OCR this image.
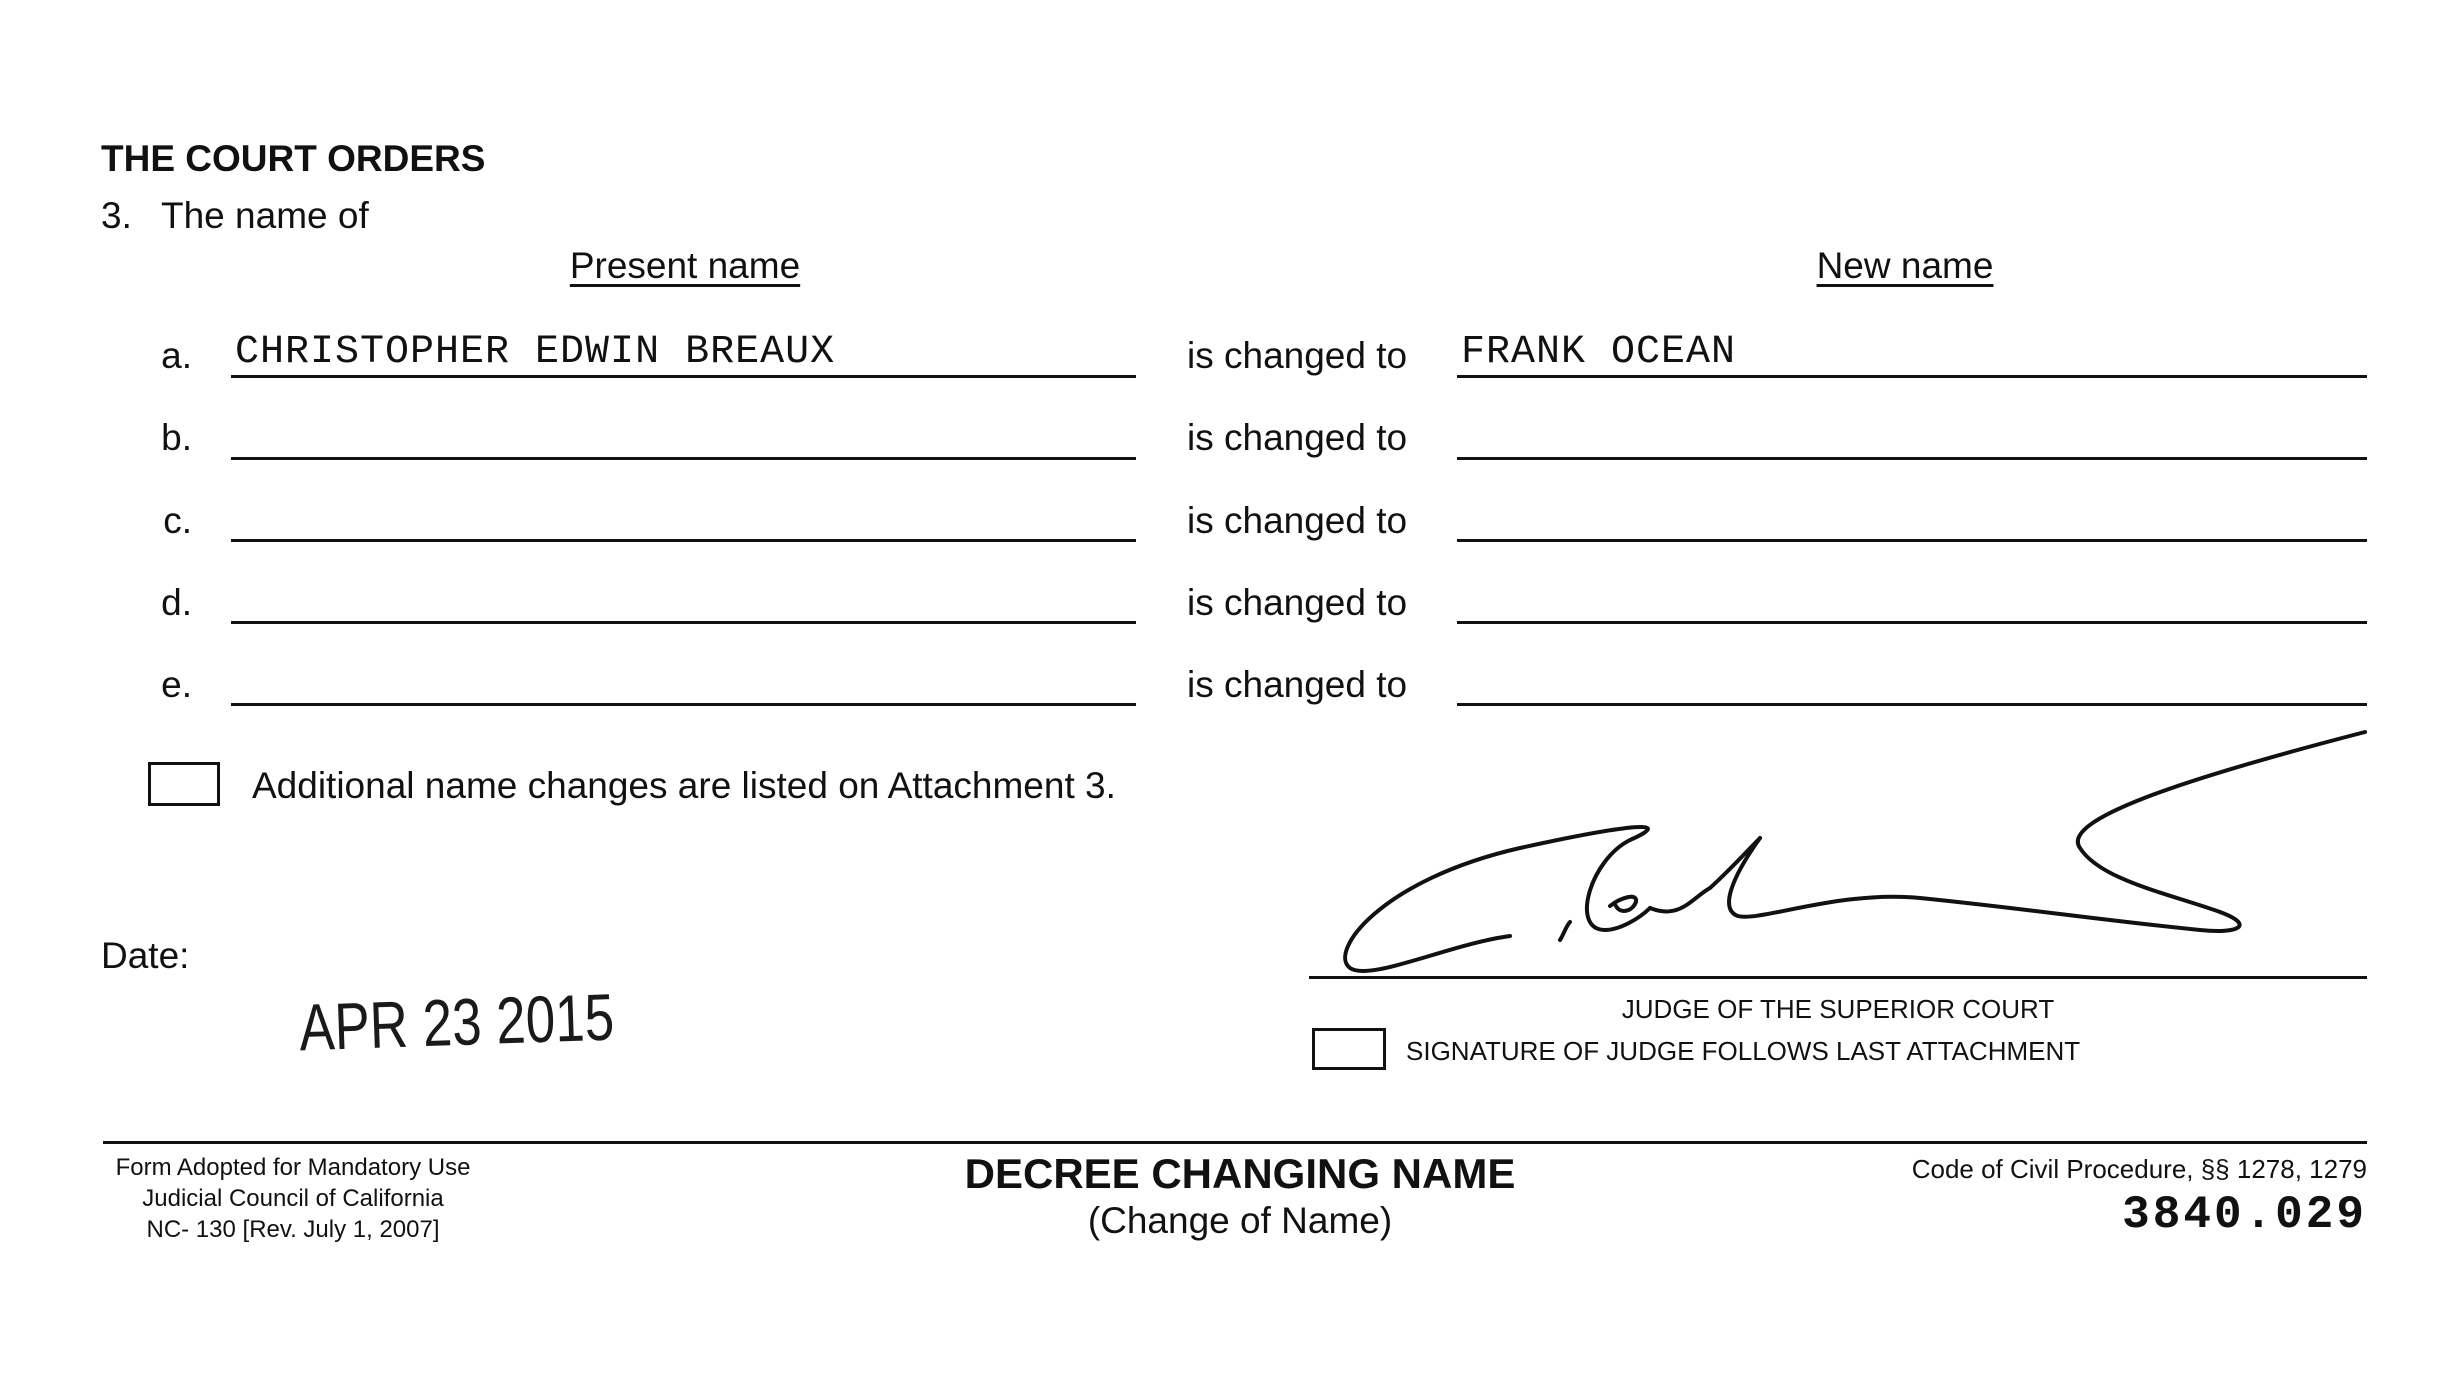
THE COURT ORDERS
3. The name of
Present name	New name
a. CHRISTOPHER EDWIN BREAUX	is changed to FRANK OCEAN
b.	is changed to
c.	is changed to
d.	is changed to
e.	is changed to
Additional name changes are listed on Attachment 3.
Date:
APR 23 2015	JUDGE OF THE SUPERIOR COURT
SIGNATURE OF JUDGE FOLLOWS LAST ATTACHMENT
Form Adopted for Mandatory Use
Judicial Council of California
NC- 130 [Rev. July 1, 2007]
DECREE CHANGING NAME
(Change of Name)
Code of Civil Procedure, §§ 1278, 1279
3840.029
